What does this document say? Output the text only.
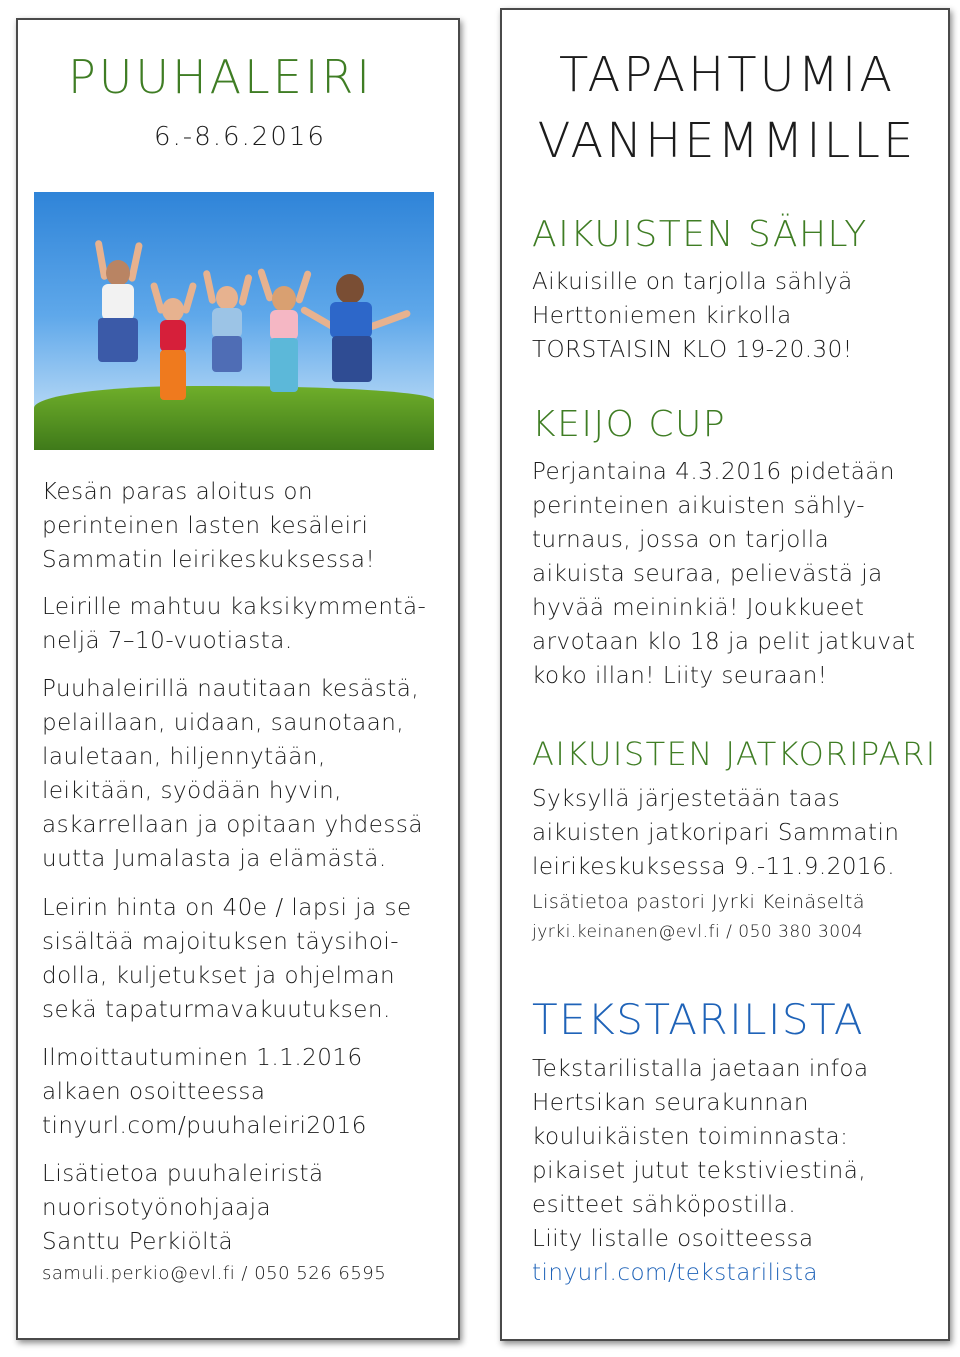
PUUHALEIRI
6.-8.6.2016
Kesän paras aloitus on
perinteinen lasten kesäleiri
Sammatin leirikeskuksessa!
Leirille mahtuu kaksikymmentä-
neljä 7–10-vuotiasta.
Puuhaleirillä nautitaan kesästä,
pelaillaan, uidaan, saunotaan,
lauletaan, hiljennytään,
leikitään, syödään hyvin,
askarrellaan ja opitaan yhdessä
uutta Jumalasta ja elämästä.
Leirin hinta on 40e / lapsi ja se
sisältää majoituksen täysihoi-
dolla, kuljetukset ja ohjelman
sekä tapaturmavakuutuksen.
Ilmoittautuminen 1.1.2016
alkaen osoitteessa
tinyurl.com/puuhaleiri2016
Lisätietoa puuhaleiristä
nuorisotyönohjaaja
Santtu Perkiöltä
samuli.perkio@evl.fi / 050 526 6595
TAPAHTUMIA
VANHEMMILLE
AIKUISTEN SÄHLY
Aikuisille on tarjolla sählyä
Herttoniemen kirkolla
TORSTAISIN KLO 19-20.30!
KEIJO CUP
Perjantaina 4.3.2016 pidetään
perinteinen aikuisten sähly-
turnaus, jossa on tarjolla
aikuista seuraa, pelievästä ja
hyvää meininkiä! Joukkueet
arvotaan klo 18 ja pelit jatkuvat
koko illan! Liity seuraan!
AIKUISTEN JATKORIPARI
Syksyllä järjestetään taas
aikuisten jatkoripari Sammatin
leirikeskuksessa 9.-11.9.2016.
Lisätietoa pastori Jyrki Keinäseltä
jyrki.keinanen@evl.fi / 050 380 3004
TEKSTARILISTA
Tekstarilistalla jaetaan infoa
Hertsikan seurakunnan
kouluikäisten toiminnasta:
pikaiset jutut tekstiviestinä,
esitteet sähköpostilla.
Liity listalle osoitteessa
tinyurl.com/tekstarilista
